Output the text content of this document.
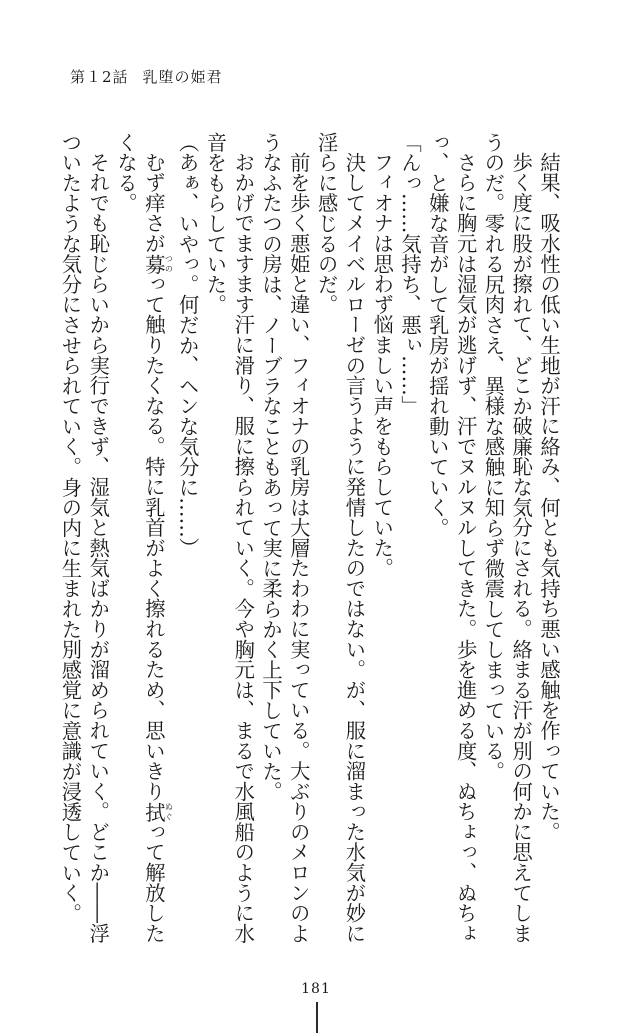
第１2話 乳堕の姫君
結果、吸水性の低い生地が汗に絡み、何とも気持ち悪い感触を作っていた。
歩く度に股が擦れて、どこか破廉恥な気分にされる。絡まる汗が別の何かに思えてしま
うのだ。零れる尻肉さえ、異様な感触に知らず微震してしまっている。
さらに胸元は湿気が逃げず、汗でヌルヌルしてきた。歩を進める度、ぬちょっ、ぬちょ
っ、と嫌な音がして乳房が揺れ動いていく。
「んっ……気持ち、悪ぃ……」
フィオナは思わず悩ましい声をもらしていた。
決してメイベルローゼの言うように発情したのではない。が、服に溜まった水気が妙に
淫らに感じるのだ。
前を歩く悪姫と違い、フィオナの乳房は大層たわわに実っている。大ぶりのメロンのよ
うなふたつの房は、ノーブラなこともあって実に柔らかく上下していた。
おかげでますます汗に滑り、服に擦られていく。今や胸元は、まるで水風船のように水
音をもらしていた。
（あぁ、いやっ。何だか、ヘンな気分に……）
むず痒さが募つのって触りたくなる。特に乳首がよく擦れるため、思いきり拭ぬぐって解放した
くなる。
それでも恥じらいから実行できず、湿気と熱気ばかりが溜められていく。どこか――浮
ついたような気分にさせられていく。身の内に生まれた別感覚に意識が浸透していく。
181
